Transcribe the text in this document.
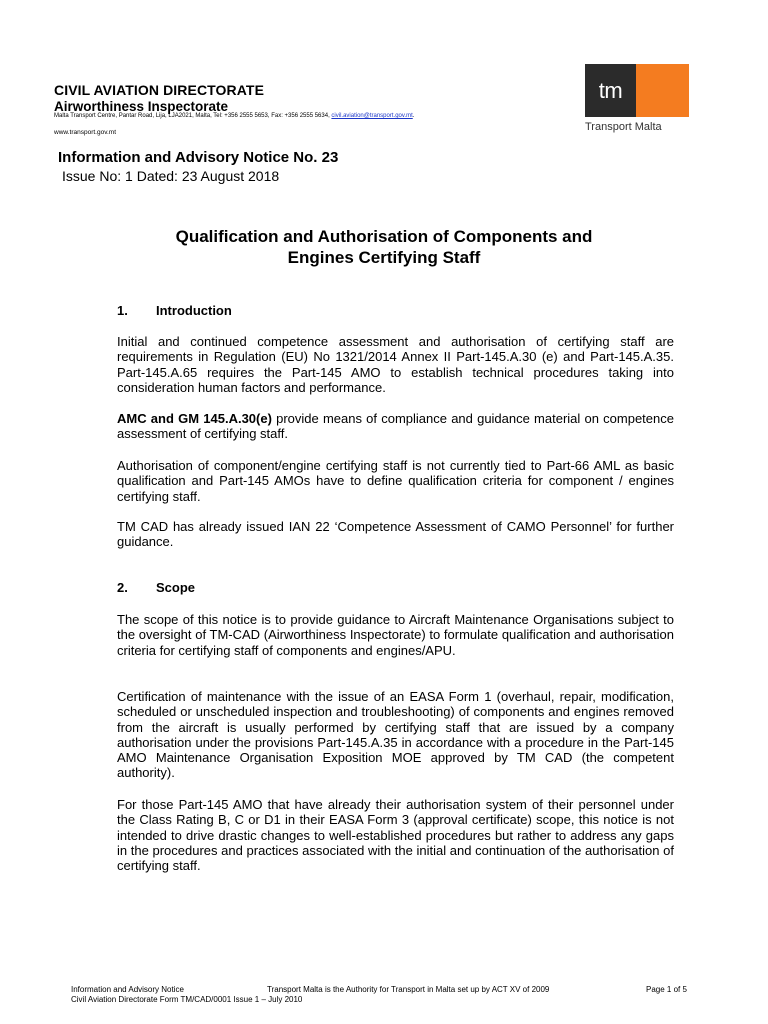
CIVIL AVIATION DIRECTORATE
Airworthiness Inspectorate
Malta Transport Centre, Pantar Road, Lija, LJA2021, Malta, Tel: +356 2555 5653, Fax: +356 2555 5634, civil.aviation@transport.gov.mt.
www.transport.gov.mt
tm
Transport Malta
Information and Advisory Notice No. 23
Issue No: 1 Dated: 23 August 2018
Qualification and Authorisation of Components and
Engines Certifying Staff
1. Introduction
Initial and continued competence assessment and authorisation of certifying staff are requirements in Regulation (EU) No 1321/2014 Annex II Part-145.A.30 (e) and Part-145.A.35. Part-145.A.65 requires the Part-145 AMO to establish technical procedures taking into consideration human factors and performance.
AMC and GM 145.A.30(e) provide means of compliance and guidance material on competence assessment of certifying staff.
Authorisation of component/engine certifying staff is not currently tied to Part-66 AML as basic qualification and Part-145 AMOs have to define qualification criteria for component / engines certifying staff.
TM CAD has already issued IAN 22 ‘Competence Assessment of CAMO Personnel’ for further guidance.
2. Scope
The scope of this notice is to provide guidance to Aircraft Maintenance Organisations subject to the oversight of TM-CAD (Airworthiness Inspectorate) to formulate qualification and authorisation criteria for certifying staff of components and engines/APU.
Certification of maintenance with the issue of an EASA Form 1 (overhaul, repair, modification, scheduled or unscheduled inspection and troubleshooting) of components and engines removed from the aircraft is usually performed by certifying staff that are issued by a company authorisation under the provisions Part-145.A.35 in accordance with a procedure in the Part-145 AMO Maintenance Organisation Exposition MOE approved by TM CAD (the competent authority).
For those Part-145 AMO that have already their authorisation system of their personnel under the Class Rating B, C or D1 in their EASA Form 3 (approval certificate) scope, this notice is not intended to drive drastic changes to well-established procedures but rather to address any gaps in the procedures and practices associated with the initial and continuation of the authorisation of certifying staff.
Information and Advisory Notice
Civil Aviation Directorate Form TM/CAD/0001 Issue 1 – July 2010
Transport Malta is the Authority for Transport in Malta set up by ACT XV of 2009	Page 1 of 5
